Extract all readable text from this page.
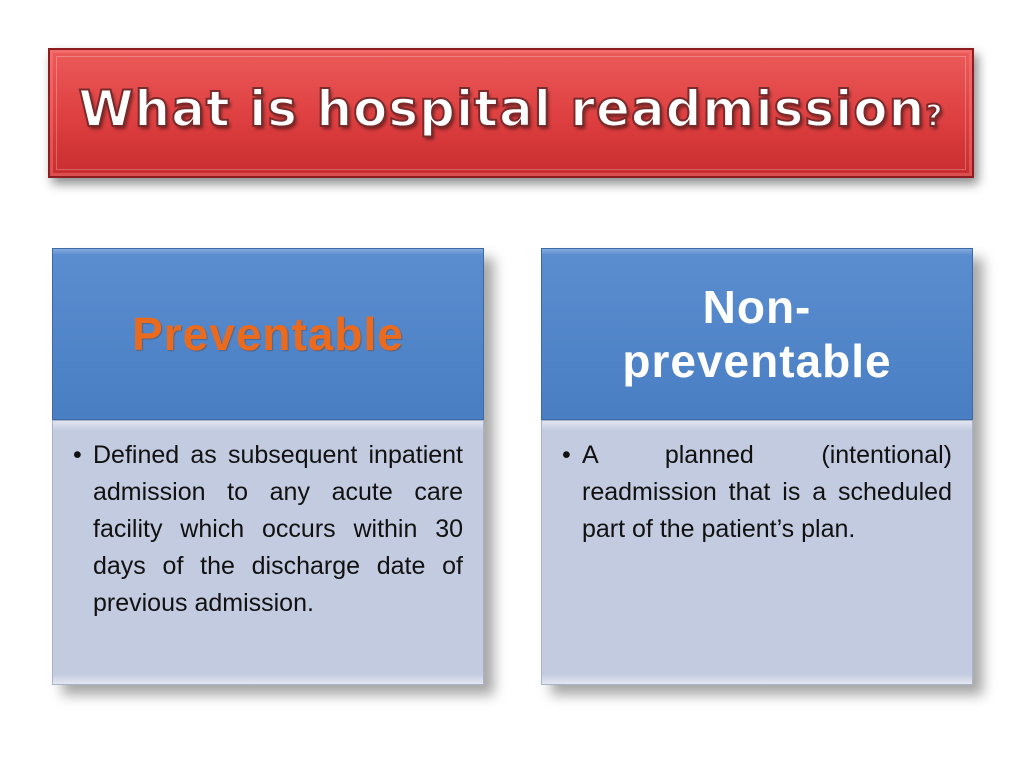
What is hospital readmission?
Preventable
• Defined as subsequent inpatient admission to any acute care facility which occurs within 30 days of the discharge date of previous admission.
Non-
preventable
• A planned (intentional) readmission that is a scheduled part of the patient’s plan.
